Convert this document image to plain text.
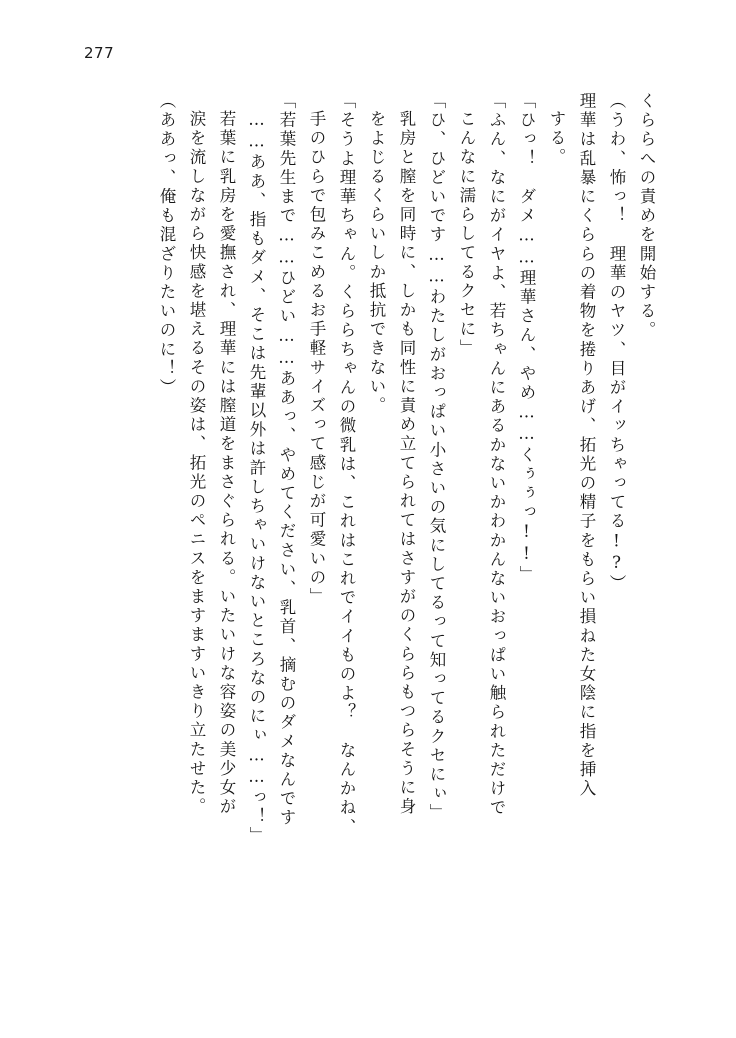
277
くららへの責めを開始する。
（うわ、怖っ！　理華のヤツ、目がイッちゃってる!?）
理華は乱暴にくららの着物を捲りあげ、拓光の精子をもらい損ねた女陰に指を挿入
する。
「ひっ！　ダメ……理華さん、やめ……くぅぅっ!!」
「ふん、なにがイヤよ、若ちゃんにあるかないかわかんないおっぱい触られただけで
こんなに濡らしてるクセに」
「ひ、ひどいです……わたしがおっぱい小さいの気にしてるって知ってるクセにぃ」
乳房と膣を同時に、しかも同性に責め立てられてはさすがのくららもつらそうに身
をよじるくらいしか抵抗できない。
「そうよ理華ちゃん。くららちゃんの微乳は、これはこれでイイものよ？　なんかね、
手のひらで包みこめるお手軽サイズって感じが可愛いの」
「若葉先生まで……ひどい……ああっ、やめてください、乳首、摘むのダメなんです
……ああ、指もダメ、そこは先輩以外は許しちゃいけないところなのにぃ……っ！」
若葉に乳房を愛撫され、理華には膣道をまさぐられる。いたいけな容姿の美少女が
涙を流しながら快感を堪えるその姿は、拓光のペニスをますますいきり立たせた。
（ああっ、俺も混ざりたいのに！）
